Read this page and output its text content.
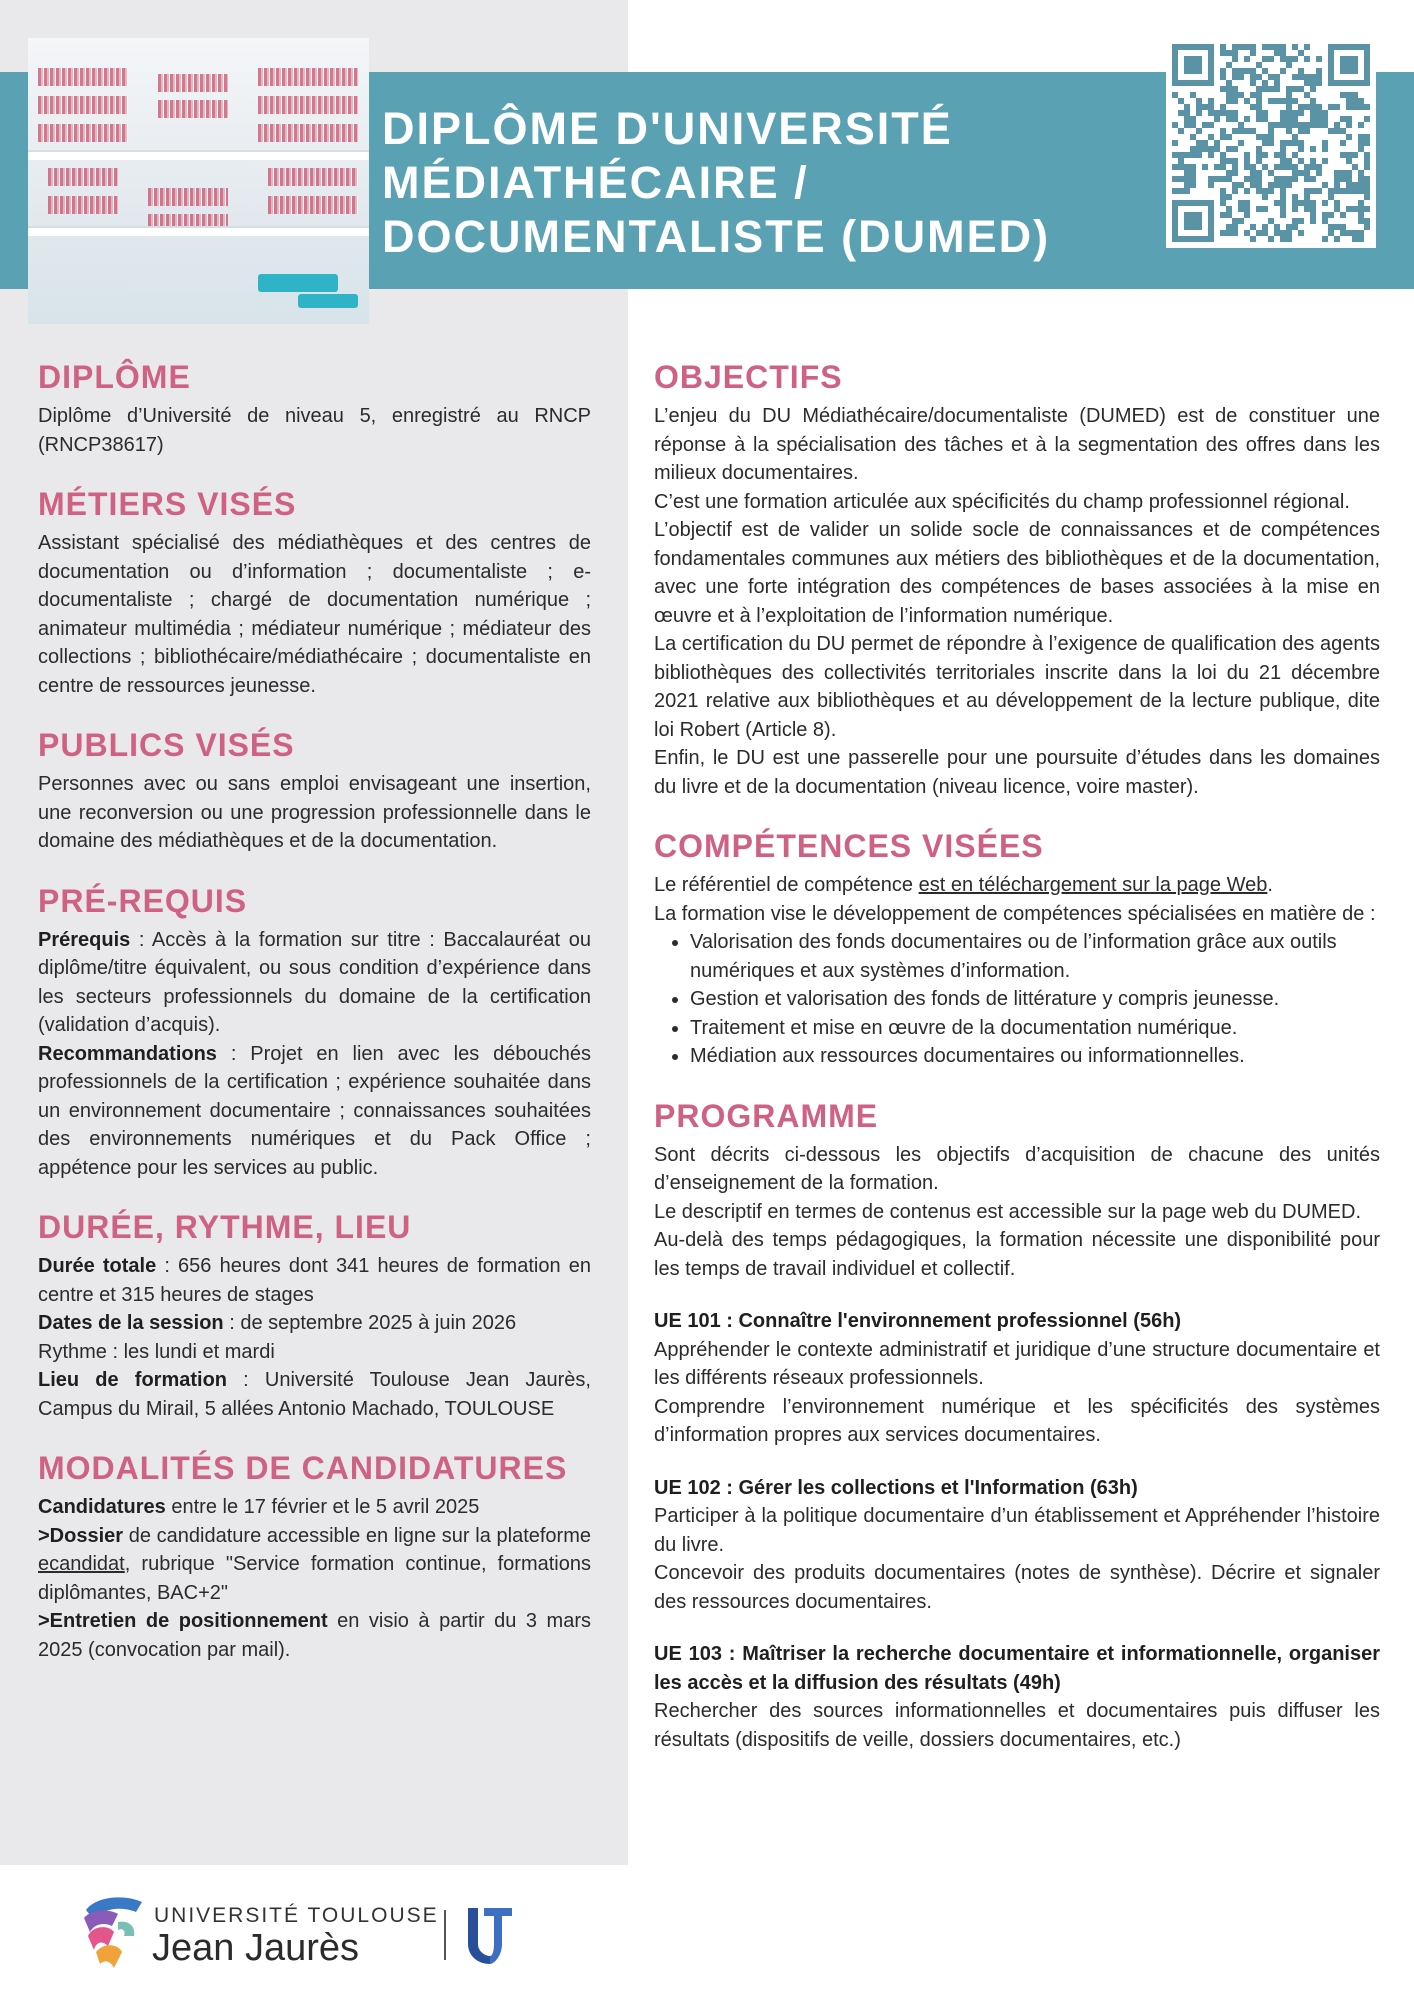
DIPLÔME D'UNIVERSITÉ
MÉDIATHÉCAIRE /
DOCUMENTALISTE (DUMED)
DIPLÔME

Diplôme d’Université de niveau 5, enregistré au RNCP (RNCP38617)

MÉTIERS VISÉS

Assistant spécialisé des médiathèques et des centres de documentation ou d’information ; documentaliste ; e-documentaliste ; chargé de documentation numérique ; animateur multimédia ; médiateur numérique ; médiateur des collections ; bibliothécaire/médiathécaire ; documentaliste en centre de ressources jeunesse.

PUBLICS VISÉS

Personnes avec ou sans emploi envisageant une insertion, une reconversion ou une progression professionnelle dans le domaine des médiathèques et de la documentation.

PRÉ-REQUIS

Prérequis : Accès à la formation sur titre : Baccalauréat ou diplôme/titre équivalent, ou sous condition d’expérience dans les secteurs professionnels du domaine de la certification (validation d’acquis).

Recommandations : Projet en lien avec les débouchés professionnels de la certification ; expérience souhaitée dans un environnement documentaire ; connaissances souhaitées des environnements numériques et du Pack Office ; appétence pour les services au public.

DURÉE, RYTHME, LIEU

Durée totale : 656 heures dont 341 heures de formation en centre et 315 heures de stages

Dates de la session : de septembre 2025 à juin 2026

Rythme : les lundi et mardi

Lieu de formation : Université Toulouse Jean Jaurès, Campus du Mirail, 5 allées Antonio Machado, TOULOUSE

MODALITÉS DE CANDIDATURES

Candidatures entre le 17 février et le 5 avril 2025

>Dossier de candidature accessible en ligne sur la plateforme ecandidat, rubrique "Service formation continue, formations diplômantes, BAC+2"

>Entretien de positionnement en visio à partir du 3 mars 2025 (convocation par mail).

OBJECTIFS

L’enjeu du DU Médiathécaire/documentaliste (DUMED) est de constituer une réponse à la spécialisation des tâches et à la segmentation des offres dans les milieux documentaires.

C’est une formation articulée aux spécificités du champ professionnel régional.

L’objectif est de valider un solide socle de connaissances et de compétences fondamentales communes aux métiers des bibliothèques et de la documentation, avec une forte intégration des compétences de bases associées à la mise en œuvre et à l’exploitation de l’information numérique.

La certification du DU permet de répondre à l’exigence de qualification des agents bibliothèques des collectivités territoriales inscrite dans la loi du 21 décembre 2021 relative aux bibliothèques et au développement de la lecture publique, dite loi Robert (Article 8).

Enfin, le DU est une passerelle pour une poursuite d’études dans les domaines du livre et de la documentation (niveau licence, voire master).

COMPÉTENCES VISÉES

Le référentiel de compétence est en téléchargement sur la page Web.

La formation vise le développement de compétences spécialisées en matière de :

• Valorisation des fonds documentaires ou de l’information grâce aux outils numériques et aux systèmes d’information.
• Gestion et valorisation des fonds de littérature y compris jeunesse.
• Traitement et mise en œuvre de la documentation numérique.
• Médiation aux ressources documentaires ou informationnelles.
PROGRAMME

Sont décrits ci-dessous les objectifs d’acquisition de chacune des unités d’enseignement de la formation.

Le descriptif en termes de contenus est accessible sur la page web du DUMED.

Au-delà des temps pédagogiques, la formation nécessite une disponibilité pour les temps de travail individuel et collectif.

UE 101 : Connaître l'environnement professionnel (56h)

Appréhender le contexte administratif et juridique d’une structure documentaire et les différents réseaux professionnels.

Comprendre l’environnement numérique et les spécificités des systèmes d’information propres aux services documentaires.

UE 102 : Gérer les collections et l'Information (63h)

Participer à la politique documentaire d’un établissement et Appréhender l’histoire du livre.

Concevoir des produits documentaires (notes de synthèse). Décrire et signaler des ressources documentaires.

UE 103 : Maîtriser la recherche documentaire et informationnelle, organiser les accès et la diffusion des résultats (49h)

Rechercher des sources informationnelles et documentaires puis diffuser les résultats (dispositifs de veille, dossiers documentaires, etc.)

UNIVERSITÉ TOULOUSE
Jean Jaurès
